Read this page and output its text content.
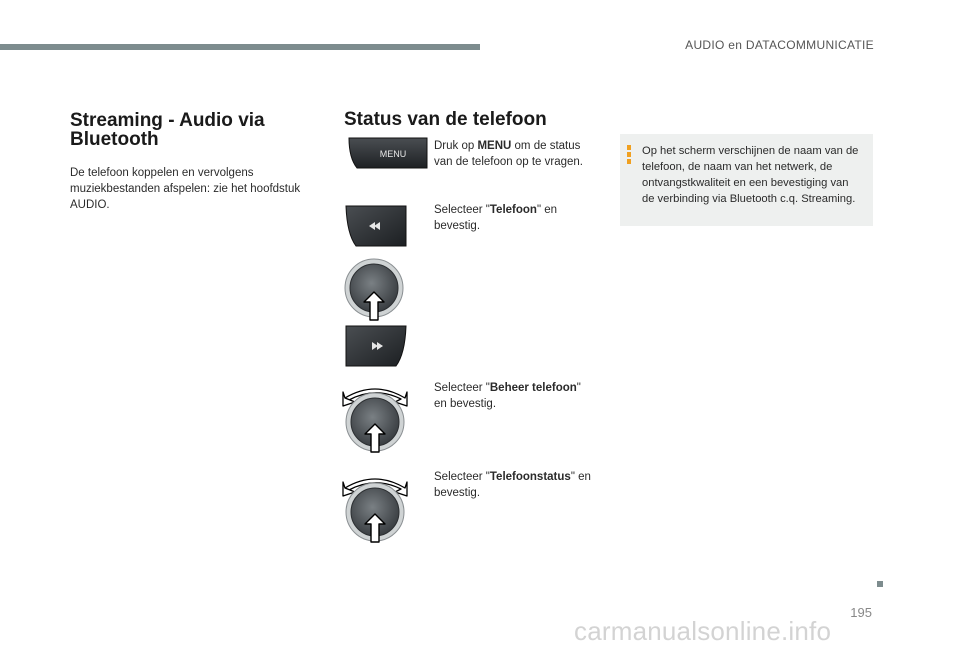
AUDIO en DATACOMMUNICATIE
Streaming - Audio via Bluetooth
De telefoon koppelen en vervolgens muziekbestanden afspelen: zie het hoofdstuk AUDIO.
Status van de telefoon
MENU
Druk op MENU om de status van de telefoon op te vragen.
Selecteer "Telefoon" en bevestig.
Selecteer "Beheer telefoon" en bevestig.
Selecteer "Telefoonstatus" en bevestig.
Op het scherm verschijnen de naam van de telefoon, de naam van het netwerk, de ontvangstkwaliteit en een bevestiging van de verbinding via Bluetooth c.q. Streaming.
195
carmanualsonline.info
